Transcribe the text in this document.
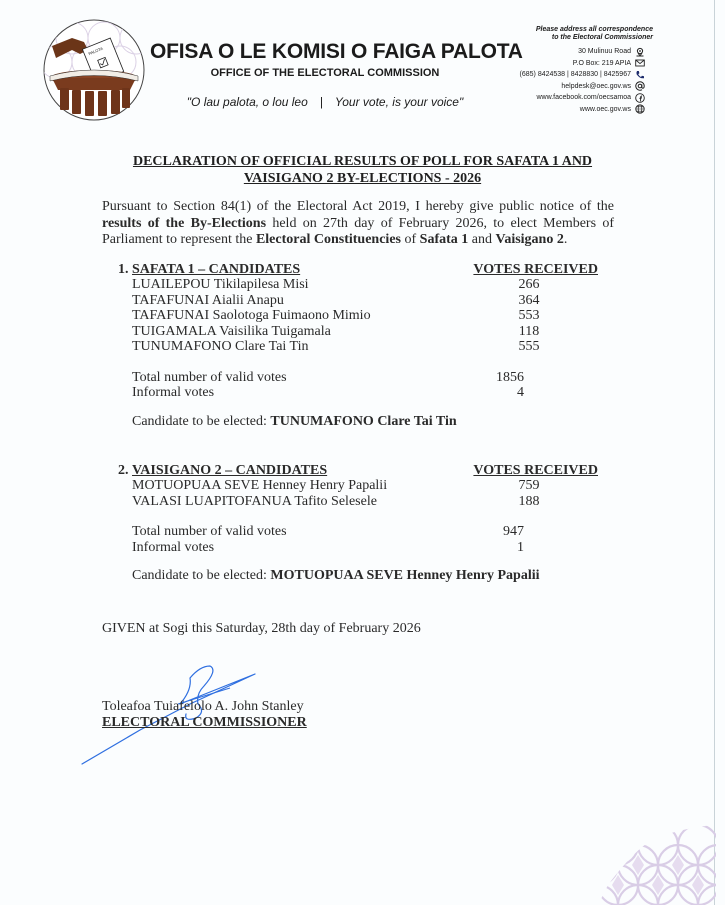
PALOTA OFISA O LE KOMISI O FAIGA PALOTA
OFFICE OF THE ELECTORAL COMMISSION
"O lau palota, o lou leo | Your vote, is your voice"
Please address all correspondence
to the Electoral Commissioner
30 Mulinuu Road
P.O Box: 219 APIA
(685) 8424538 | 8428830 | 8425967
helpdesk@oec.gov.ws
www.facebook.com/oecsamoa
www.oec.gov.ws
DECLARATION OF OFFICIAL RESULTS OF POLL FOR SAFATA 1 AND
VAISIGANO 2 BY-ELECTIONS - 2026
Pursuant to Section 84(1) of the Electoral Act 2019, I hereby give public notice of the results of the By-Elections held on 27th day of February 2026, to elect Members of Parliament to represent the Electoral Constituencies of Safata 1 and Vaisigano 2.
1. SAFATA 1 – CANDIDATES	VOTES RECEIVED
LUAILEPOU Tikilapilesa Misi	266
TAFAFUNAI Aialii Anapu	364
TAFAFUNAI Saolotoga Fuimaono Mimio	553
TUIGAMALA Vaisilika Tuigamala	118
TUNUMAFONO Clare Tai Tin	555
Total number of valid votes	1856
Informal votes	4
Candidate to be elected: TUNUMAFONO Clare Tai Tin
2. VAISIGANO 2 – CANDIDATES	VOTES RECEIVED
MOTUOPUAA SEVE Henney Henry Papalii	759
VALASI LUAPITOFANUA Tafito Selesele	188
Total number of valid votes	947
Informal votes	1
Candidate to be elected: MOTUOPUAA SEVE Henney Henry Papalii
GIVEN at Sogi this Saturday, 28th day of February 2026
Toleafoa Tuiafelolo A. John Stanley
ELECTORAL COMMISSIONER
